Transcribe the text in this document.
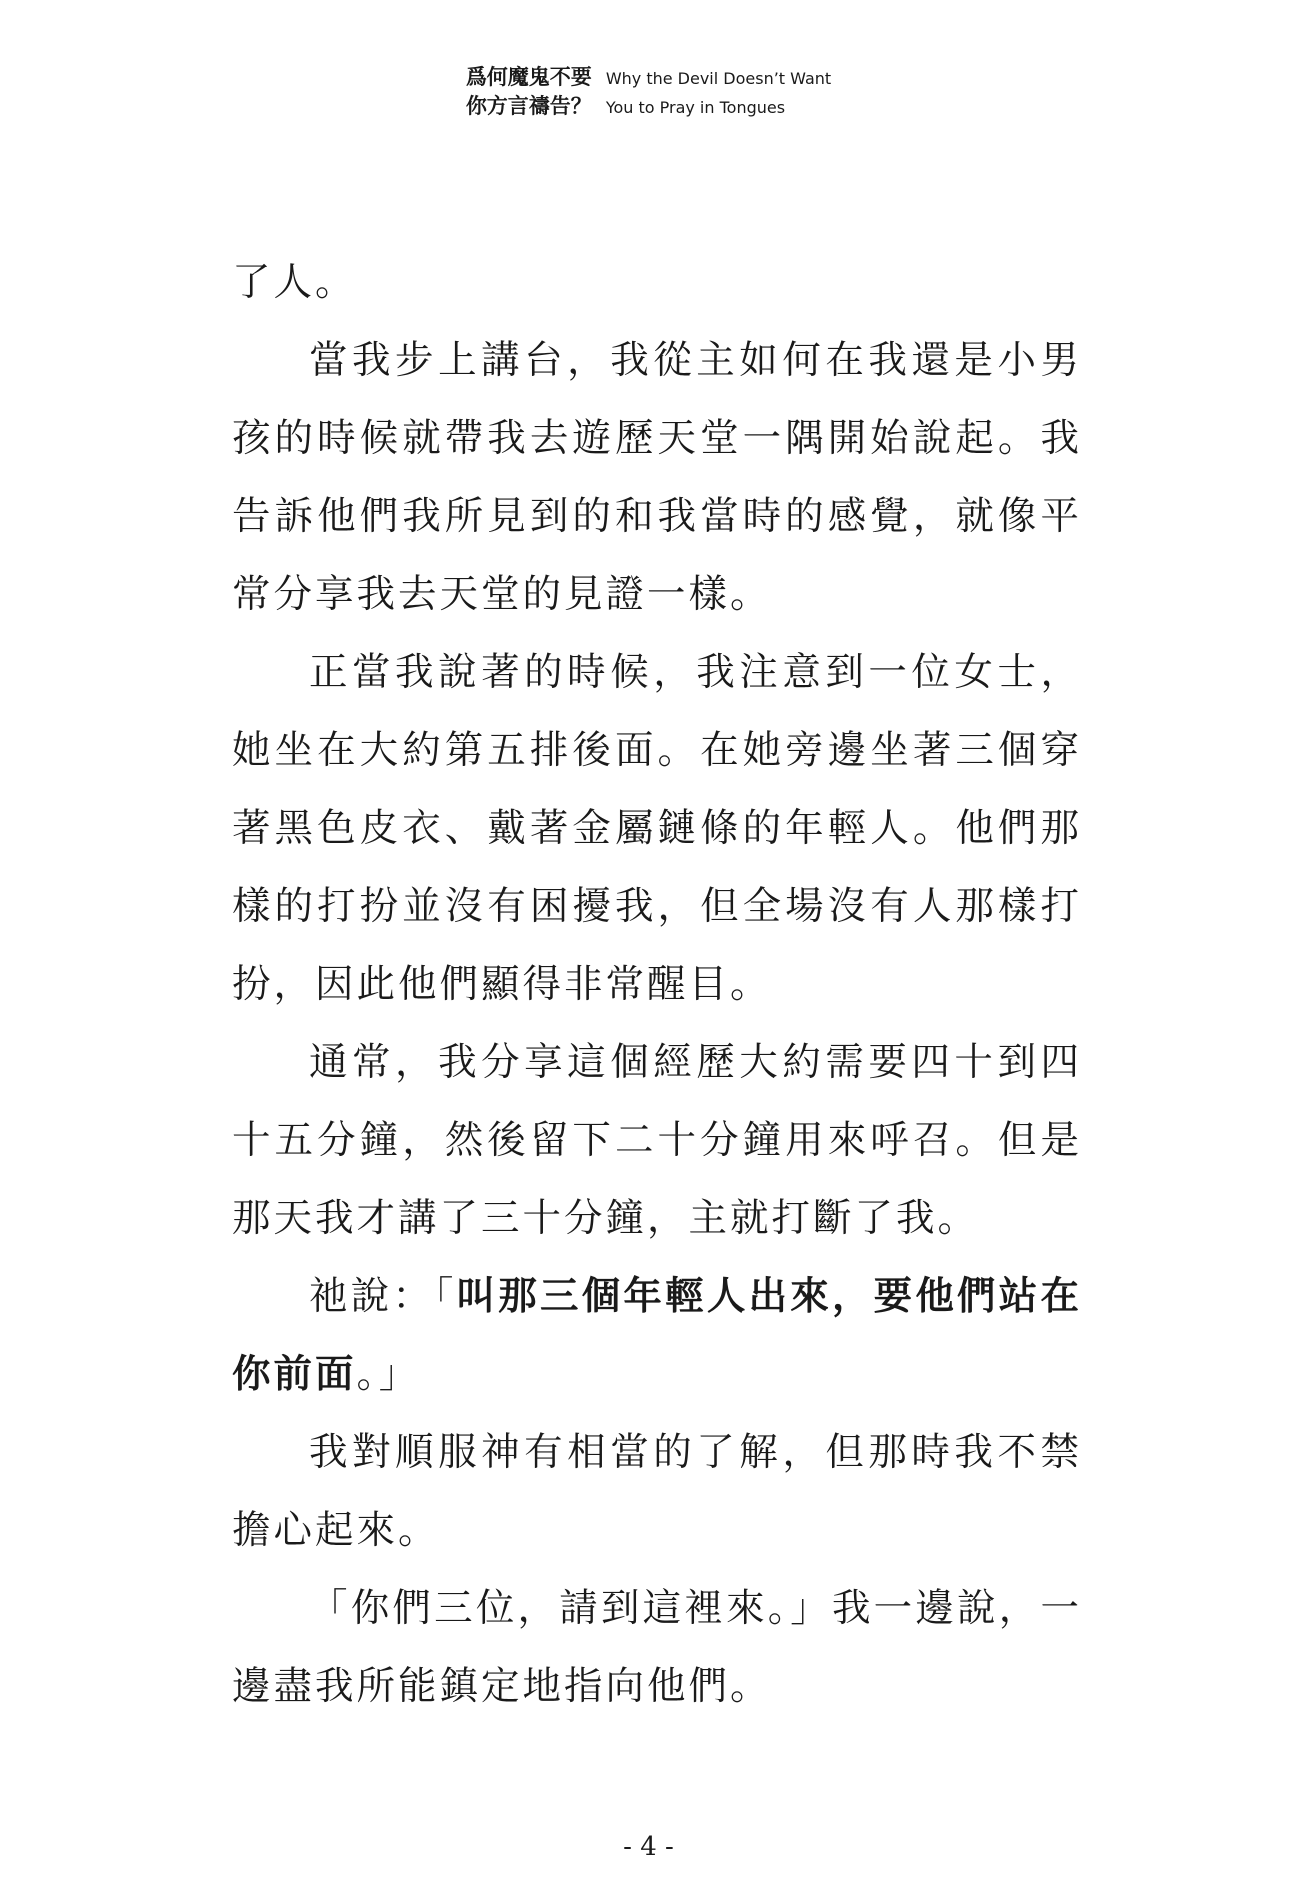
爲何魔鬼不要
你方言禱告？
Why the Devil Doesn’t Want
You to Pray in Tongues

了人。

當我步上講台，我從主如何在我還是小男孩的時候就帶我去遊歷天堂一隅開始說起。我告訴他們我所見到的和我當時的感覺，就像平常分享我去天堂的見證一樣。

正當我說著的時候，我注意到一位女士，她坐在大約第五排後面。在她旁邊坐著三個穿著黑色皮衣、戴著金屬鏈條的年輕人。他們那樣的打扮並沒有困擾我，但全場沒有人那樣打扮，因此他們顯得非常醒目。

通常，我分享這個經歷大約需要四十到四十五分鐘，然後留下二十分鐘用來呼召。但是那天我才講了三十分鐘，主就打斷了我。

祂說：「叫那三個年輕人出來，要他們站在你前面。」

我對順服神有相當的了解，但那時我不禁擔心起來。

「你們三位，請到這裡來。」我一邊說，一邊盡我所能鎮定地指向他們。

- 4 -
